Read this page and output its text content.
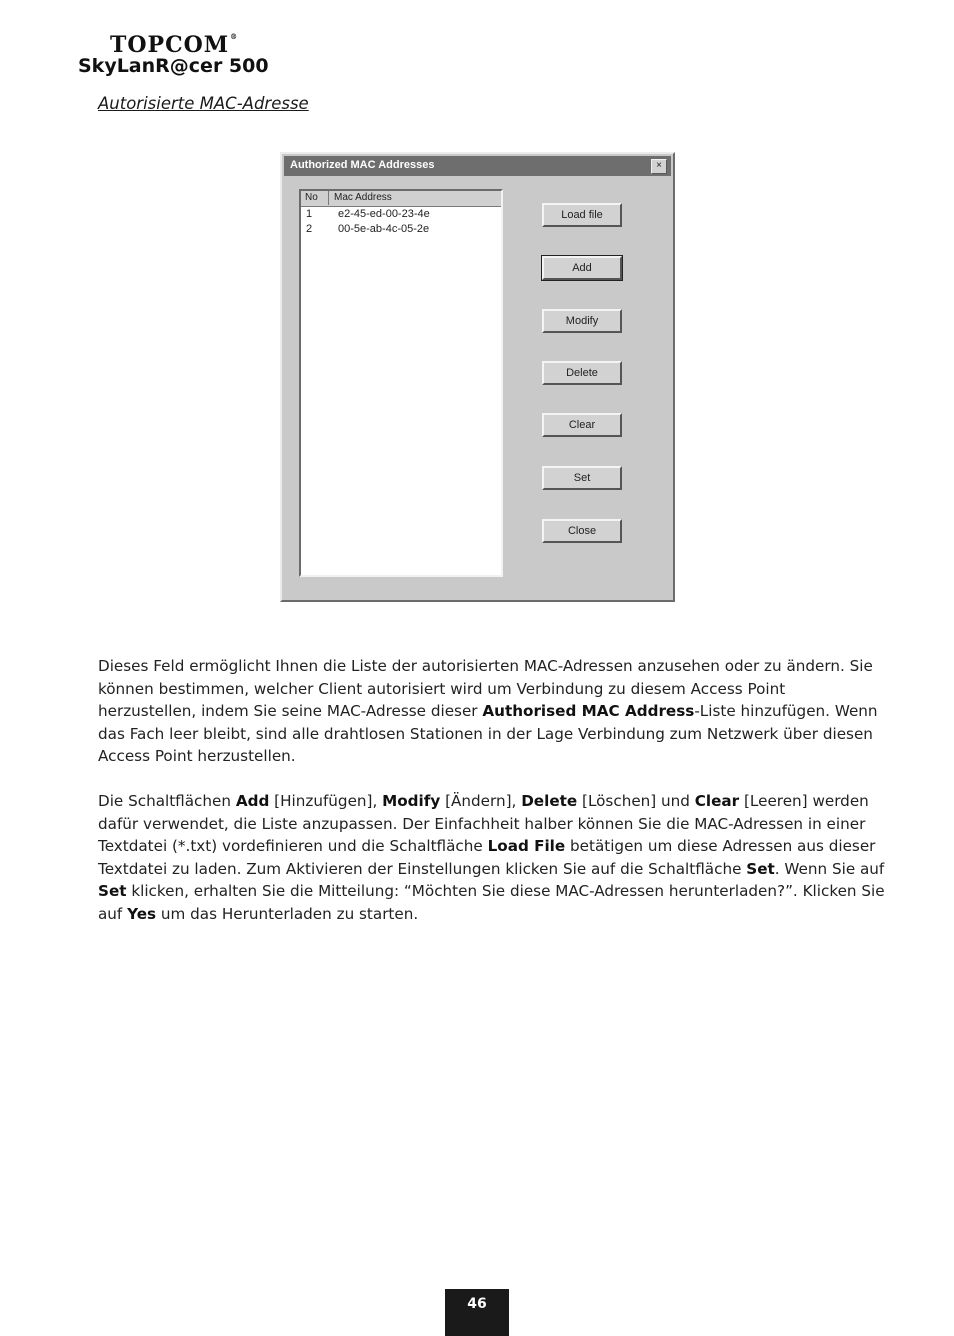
TOPCOM®
SkyLanR@cer 500
Autorisierte MAC-Adresse
Authorized MAC Addresses	×
No	Mac Address
1 e2-45-ed-00-23-4e
2 00-5e-ab-4c-05-2e
Load file
Add
Modify
Delete
Clear
Set
Close
Dieses Feld ermöglicht Ihnen die Liste der autorisierten MAC-Adressen anzusehen oder zu ändern. Sie können bestimmen, welcher Client autorisiert wird um Verbindung zu diesem Access Point herzustellen, indem Sie seine MAC-Adresse dieser Authorised MAC Address-Liste hinzufügen. Wenn das Fach leer bleibt, sind alle drahtlosen Stationen in der Lage Verbindung zum Netzwerk über diesen Access Point herzustellen.
Die Schaltflächen Add [Hinzufügen], Modify [Ändern], Delete [Löschen] und Clear [Leeren] werden dafür verwendet, die Liste anzupassen. Der Einfachheit halber können Sie die MAC-Adressen in einer Textdatei (*.txt) vordefinieren und die Schaltfläche Load File betätigen um diese Adressen aus dieser Textdatei zu laden. Zum Aktivieren der Einstellungen klicken Sie auf die Schaltfläche Set. Wenn Sie auf Set klicken, erhalten Sie die Mitteilung: “Möchten Sie diese MAC-Adressen herunterladen?”. Klicken Sie auf Yes um das Herunterladen zu starten.
46
